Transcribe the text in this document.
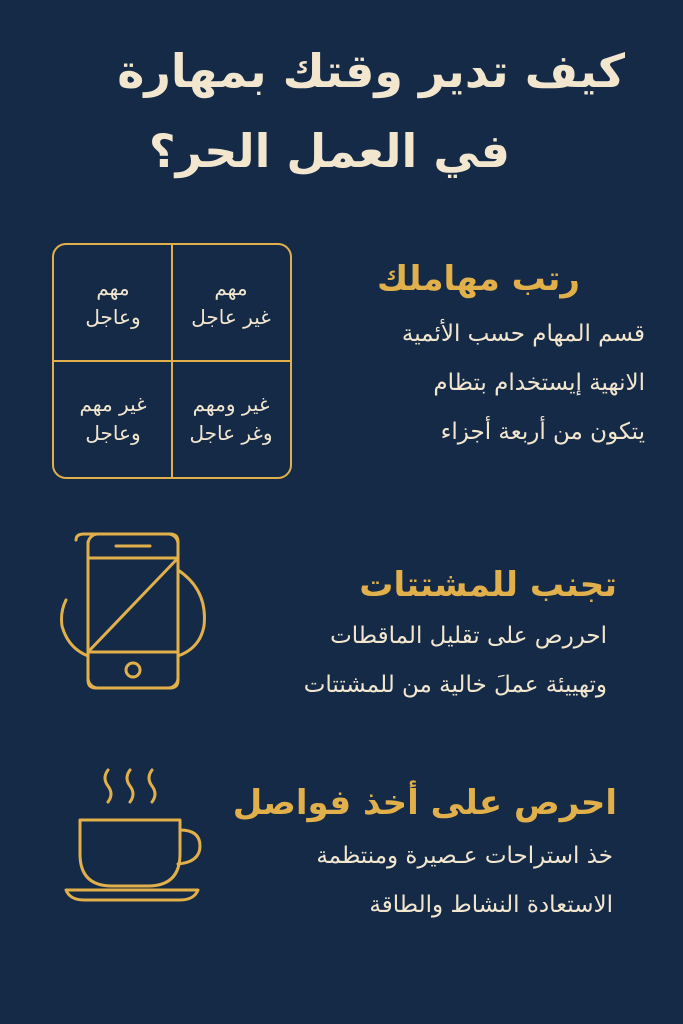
كيف تدير وقتك بمهارة
في العمل الحر؟
مهم
غير عاجل
مهم
وعاجل
غير ومهم
وغر عاجل
غير مهم
وعاجل
رتب مهاملك
قسم المهام حسب الأئمية
الانهية إيستخدام بتظام
يتكون من أربعة أجزاء
تجنب للمشتتات
احررص على تقليل الماقطات
وتهييئة عملَ خالية من للمشتتات
احرص على أخذ فواصل
خذ استراحات عـصيرة ومنتظمة
الاستعادة النشاط والطاقة
